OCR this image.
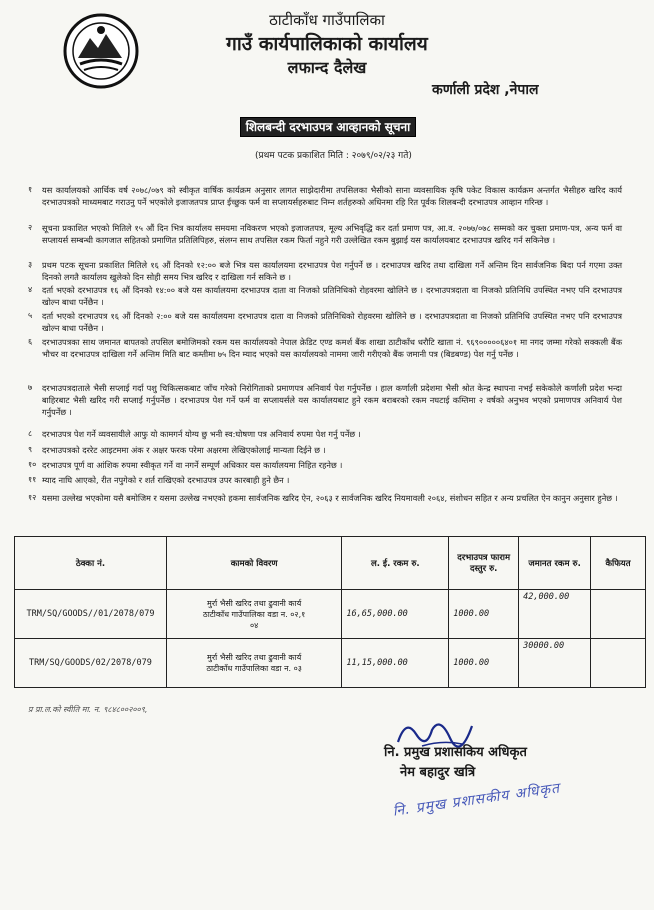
ठाटीकाँध गाउँपालिका
गाउँ कार्यपालिकाको कार्यालय
लफान्द दैलेख
कर्णाली प्रदेश ,नेपाल
शिलबन्दी दरभाउपत्र आव्हानको सूचना
(प्रथम पटक प्रकाशित मिति : २०७९/०२/२३ गते)

१ यस कार्यालयको आर्थिक वर्ष २०७८/०७९ को स्वीकृत वार्षिक कार्यक्रम अनुसार लागत साझेदारीमा तपसिलका भैसीको साना व्यवसायिक कृषि पकेट विकास कार्यक्रम अन्तर्गत भैसीहरु खरिद कार्य दरभाउपत्रको माध्यमबाट गराउनु पर्ने भएकोले इजाजतपत्र प्राप्त ईच्छुक फर्म वा सप्लायर्सहरुबाट निम्न शर्तहरुको अधिनमा रहि रित पूर्वक शिलबन्दी दरभाउपत्र आव्हान गरिन्छ ।

२ सूचना प्रकाशित भएको मितिले १५ औं दिन भित्र कार्यालय समयमा नविकरण भएको इजाजतपत्र, मूल्य अभिवृद्धि कर दर्ता प्रमाण पत्र, आ.व. २०७७/०७८ सम्मको कर चुक्ता प्रमाण-पत्र, अन्य फर्म वा सप्लायर्स सम्बन्धी कागजात सहितको प्रमाणित प्रतिलिपिहरु, संलग्न साथ तपसिल रकम फिर्ता नहुने गरी उल्लेखित रकम बुझाई यस कार्यालयबाट दरभाउपत्र खरिद गर्न सकिनेछ ।

३ प्रथम पटक सूचना प्रकाशित मितिले १६ औं दिनको १२:०० बजे भित्र यस कार्यालयमा दरभाउपत्र पेश गर्नुपर्ने छ । दरभाउपत्र खरिद तथा दाखिला गर्ने अन्तिम दिन सार्वजनिक बिदा पर्न गएमा उक्त दिनको लगतै कार्यालय खुलेको दिन सोही समय भित्र खरिद र दाखिला गर्न सकिने छ ।

४ दर्ता भएको दरभाउपत्र १६ औं दिनको १४:०० बजे यस कार्यालयमा दरभाउपत्र दाता वा निजको प्रतिनिधिको रोहवरमा खोलिने छ । दरभाउपत्रदाता वा निजको प्रतिनिधि उपस्थित नभए पनि दरभाउपत्र खोल्न बाधा पर्नेछैन ।

५ दर्ता भएको दरभाउपत्र १६ औं दिनको २:०० बजे यस कार्यालयमा दरभाउपत्र दाता वा निजको प्रतिनिधिको रोहवरमा खोलिने छ । दरभाउपत्रदाता वा निजको प्रतिनिधि उपस्थित नभए पनि दरभाउपत्र खोल्न बाधा पर्नेछैन ।

६ दरभाउपत्रका साथ जमानत बापतको तपसिल बमोजिमको रकम यस कार्यालयको नेपाल क्रेडिट एण्ड कमर्श बैंक शाखा ठाटीकाँध धरौटि खाता नं. ९६९०००००६४०१ मा नगद जम्मा गरेको सक्कली बैंक भौचर वा दरभाउपत्र दाखिला गर्ने अन्तिम मिति बाट कम्तीमा ७५ दिन म्याद भएको यस कार्यालयको नाममा जारी गरीएको बैंक जमानी पत्र (बिडबण्ड) पेश गर्नु पर्नेछ ।

७ दरभाउपत्रदाताले भैसी सप्लाई गर्दा पशु चिकित्सकबाट जाँच गरेको निरोगिताको प्रमाणपत्र अनिवार्य पेश गर्नुपर्नेछ । हाल कर्णाली प्रदेशमा भैसी श्रोत केन्द्र स्थापना नभई सकेकोले कर्णाली प्रदेश भन्दा बाहिरबाट भैसी खरिद गरी सप्लाई गर्नुपर्नेछ । दरभाउपत्र पेश गर्ने फर्म वा सप्लायर्सले यस कार्यालयबाट हुने रकम बराबरको रकम नघटाई कम्तिमा २ वर्षको अनुभव भएको प्रमाणपत्र अनिवार्य पेश गर्नुपर्नेछ ।

८ दरभाउपत्र पेश गर्ने व्यवसायीले आफु यो कामगर्न योग्य छु भनी स्व:घोषणा पत्र अनिवार्य रुपमा पेश गर्नु पर्नेछ ।

९ दरभाउपत्रको दररेट आइटममा अंक र अक्षर फरक परेमा अक्षरमा लेखिएकोलाई मान्यता दिईने छ ।

१० दरभाउपत्र पूर्ण वा आंशिक रुपमा स्वीकृत गर्ने वा नगर्ने सम्पूर्ण अधिकार यस कार्यालयमा निहित रहनेछ ।

११ म्याद नाघि आएको, रीत नपुगेको र शर्त राखिएको दरभाउपत्र उपर कारबाही हुने छैन ।

१२ यसमा उल्लेख भएकोमा यसै बमोजिम र यसमा उल्लेख नभएको हकमा सार्वजनिक खरिद ऐन, २०६३ र सार्वजनिक खरिद नियमावली २०६४, संशोधन सहित र अन्य प्रचलित ऐन कानुन अनुसार हुनेछ ।

ठेक्का नं.	कामको विवरण	ल. ई. रकम रु.	दरभाउपत्र फाराम दस्तुर रु.	जमानत रकम रु.	कैफियत
TRM/SQ/GOODS//01/2078/079	मुर्रा भैसी खरिद तथा ढुवानी कार्य
ठाटीकाँध गाउँपालिका वडा न. ०२,१
०४	16,65,000.00	1000.00	42,000.00	
TRM/SQ/GOODS/02/2078/079	मुर्रा भैसी खरिद तथा ढुवानी कार्य
ठाटीकाँध गाउँपालिका वडा न. ०३	11,15,000.00	1000.00	30000.00	
प्र प्रा.ल.को स्वीति मा. न. ९८४८००२००९,
नि. प्रमुख प्रशासकिय अधिकृत
नेम बहादुर खत्रि
नि. प्रमुख प्रशासकीय अधिकृत
